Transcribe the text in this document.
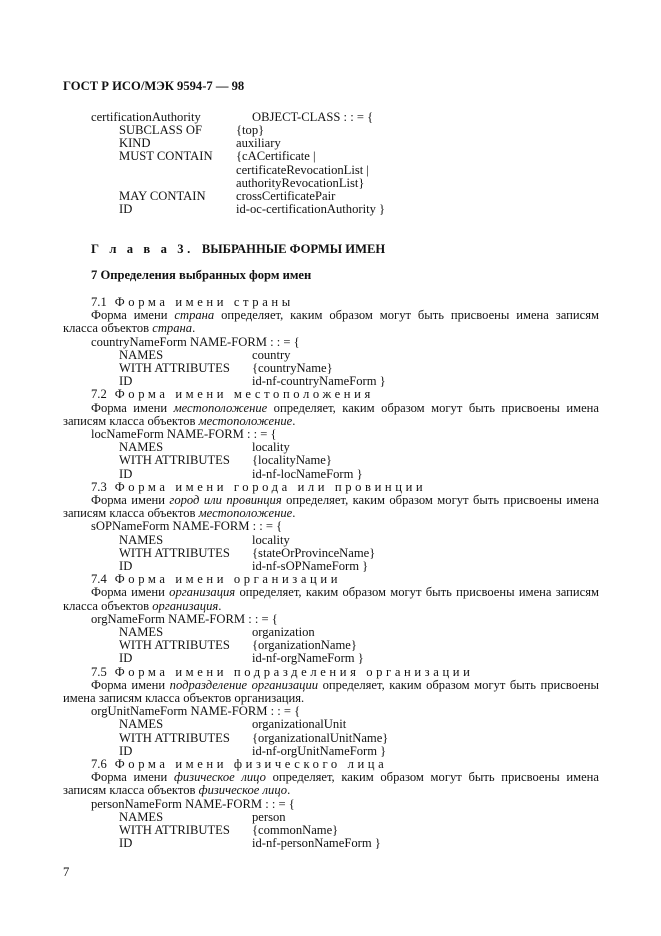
ГОСТ Р ИСО/МЭК 9594-7 — 98
certificationAuthority	OBJECT-CLASS : : = {
SUBCLASS OF	{top}
KIND	auxiliary
MUST CONTAIN {cACertificate |
certificateRevocationList |
authorityRevocationList}
MAY CONTAIN crossCertificatePair
ID	id-oc-certificationAuthority }
Г л а в а 3. ВЫБРАННЫЕ ФОРМЫ ИМЕН
7 Определения выбранных форм имен
7.1 Форма имени страны
Форма имени страна определяет, каким образом могут быть присвоены имена записям класса объектов страна.
countryNameForm NAME-FORM : : = {
NAMES	country
WITH ATTRIBUTES {countryName}
ID	id-nf-countryNameForm }
7.2 Форма имени местоположения
Форма имени местоположение определяет, каким образом могут быть присвоены имена записям класса объектов местоположение.
locNameForm NAME-FORM : : = {
NAMES	locality
WITH ATTRIBUTES {localityName}
ID	id-nf-locNameForm }
7.3 Форма имени города или провинции
Форма имени город или провинция определяет, каким образом могут быть присвоены имена записям класса объектов местоположение.
sOPNameForm NAME-FORM : : = {
NAMES	locality
WITH ATTRIBUTES {stateOrProvinceName}
ID	id-nf-sOPNameForm }
7.4 Форма имени организации
Форма имени организация определяет, каким образом могут быть присвоены имена записям класса объектов организация.
orgNameForm NAME-FORM : : = {
NAMES	organization
WITH ATTRIBUTES {organizationName}
ID	id-nf-orgNameForm }
7.5 Форма имени подразделения организации
Форма имени подразделение организации определяет, каким образом могут быть присвоены имена записям класса объектов организация.
orgUnitNameForm NAME-FORM : : = {
NAMES	organizationalUnit
WITH ATTRIBUTES {organizationalUnitName}
ID	id-nf-orgUnitNameForm }
7.6 Форма имени физического лица
Форма имени физическое лицо определяет, каким образом могут быть присвоены имена записям класса объектов физическое лицо.
personNameForm NAME-FORM : : = {
NAMES	person
WITH ATTRIBUTES {commonName}
ID	id-nf-personNameForm }
7
